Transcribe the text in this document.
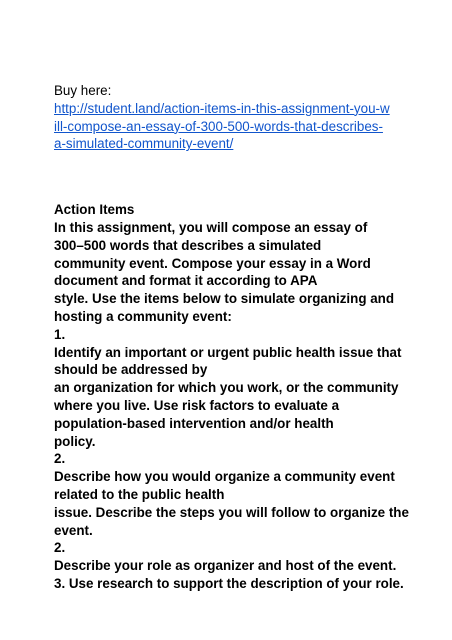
Buy here:
http://student.land/action-items-in-this-assignment-you-w
ill-compose-an-essay-of-300-500-words-that-describes-
a-simulated-community-event/
Action Items
In this assignment, you will compose an essay of
300–500 words that describes a simulated
community event. Compose your essay in a Word
document and format it according to APA
style. Use the items below to simulate organizing and
hosting a community event:
1.
Identify an important or urgent public health issue that
should be addressed by
an organization for which you work, or the community
where you live. Use risk factors to evaluate a
population-based intervention and/or health
policy.
2.
Describe how you would organize a community event
related to the public health
issue. Describe the steps you will follow to organize the
event.
2.
Describe your role as organizer and host of the event.
3. Use research to support the description of your role.
